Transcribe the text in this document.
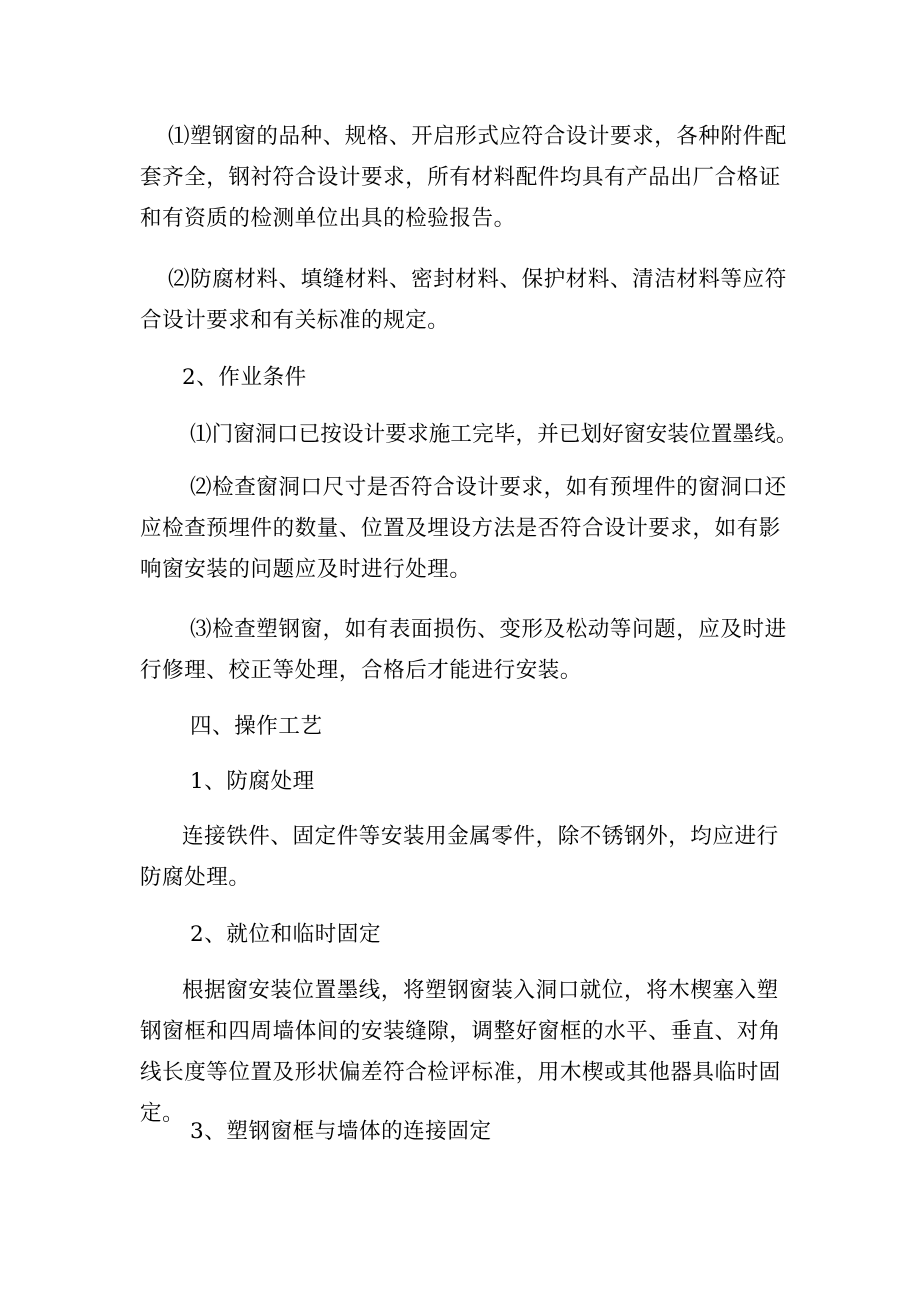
⑴塑钢窗的品种、规格、开启形式应符合设计要求，各种附件配套齐全，钢衬符合设计要求，所有材料配件均具有产品出厂合格证和有资质的检测单位出具的检验报告。

⑵防腐材料、填缝材料、密封材料、保护材料、清洁材料等应符合设计要求和有关标准的规定。

2、作业条件

⑴门窗洞口已按设计要求施工完毕，并已划好窗安装位置墨线。

⑵检查窗洞口尺寸是否符合设计要求，如有预埋件的窗洞口还应检查预埋件的数量、位置及埋设方法是否符合设计要求，如有影响窗安装的问题应及时进行处理。

⑶检查塑钢窗，如有表面损伤、变形及松动等问题，应及时进行修理、校正等处理，合格后才能进行安装。

四、操作工艺

1、防腐处理

连接铁件、固定件等安装用金属零件，除不锈钢外，均应进行防腐处理。

2、就位和临时固定

根据窗安装位置墨线，将塑钢窗装入洞口就位，将木楔塞入塑钢窗框和四周墙体间的安装缝隙，调整好窗框的水平、垂直、对角线长度等位置及形状偏差符合检评标准，用木楔或其他器具临时固定。

3、塑钢窗框与墙体的连接固定
